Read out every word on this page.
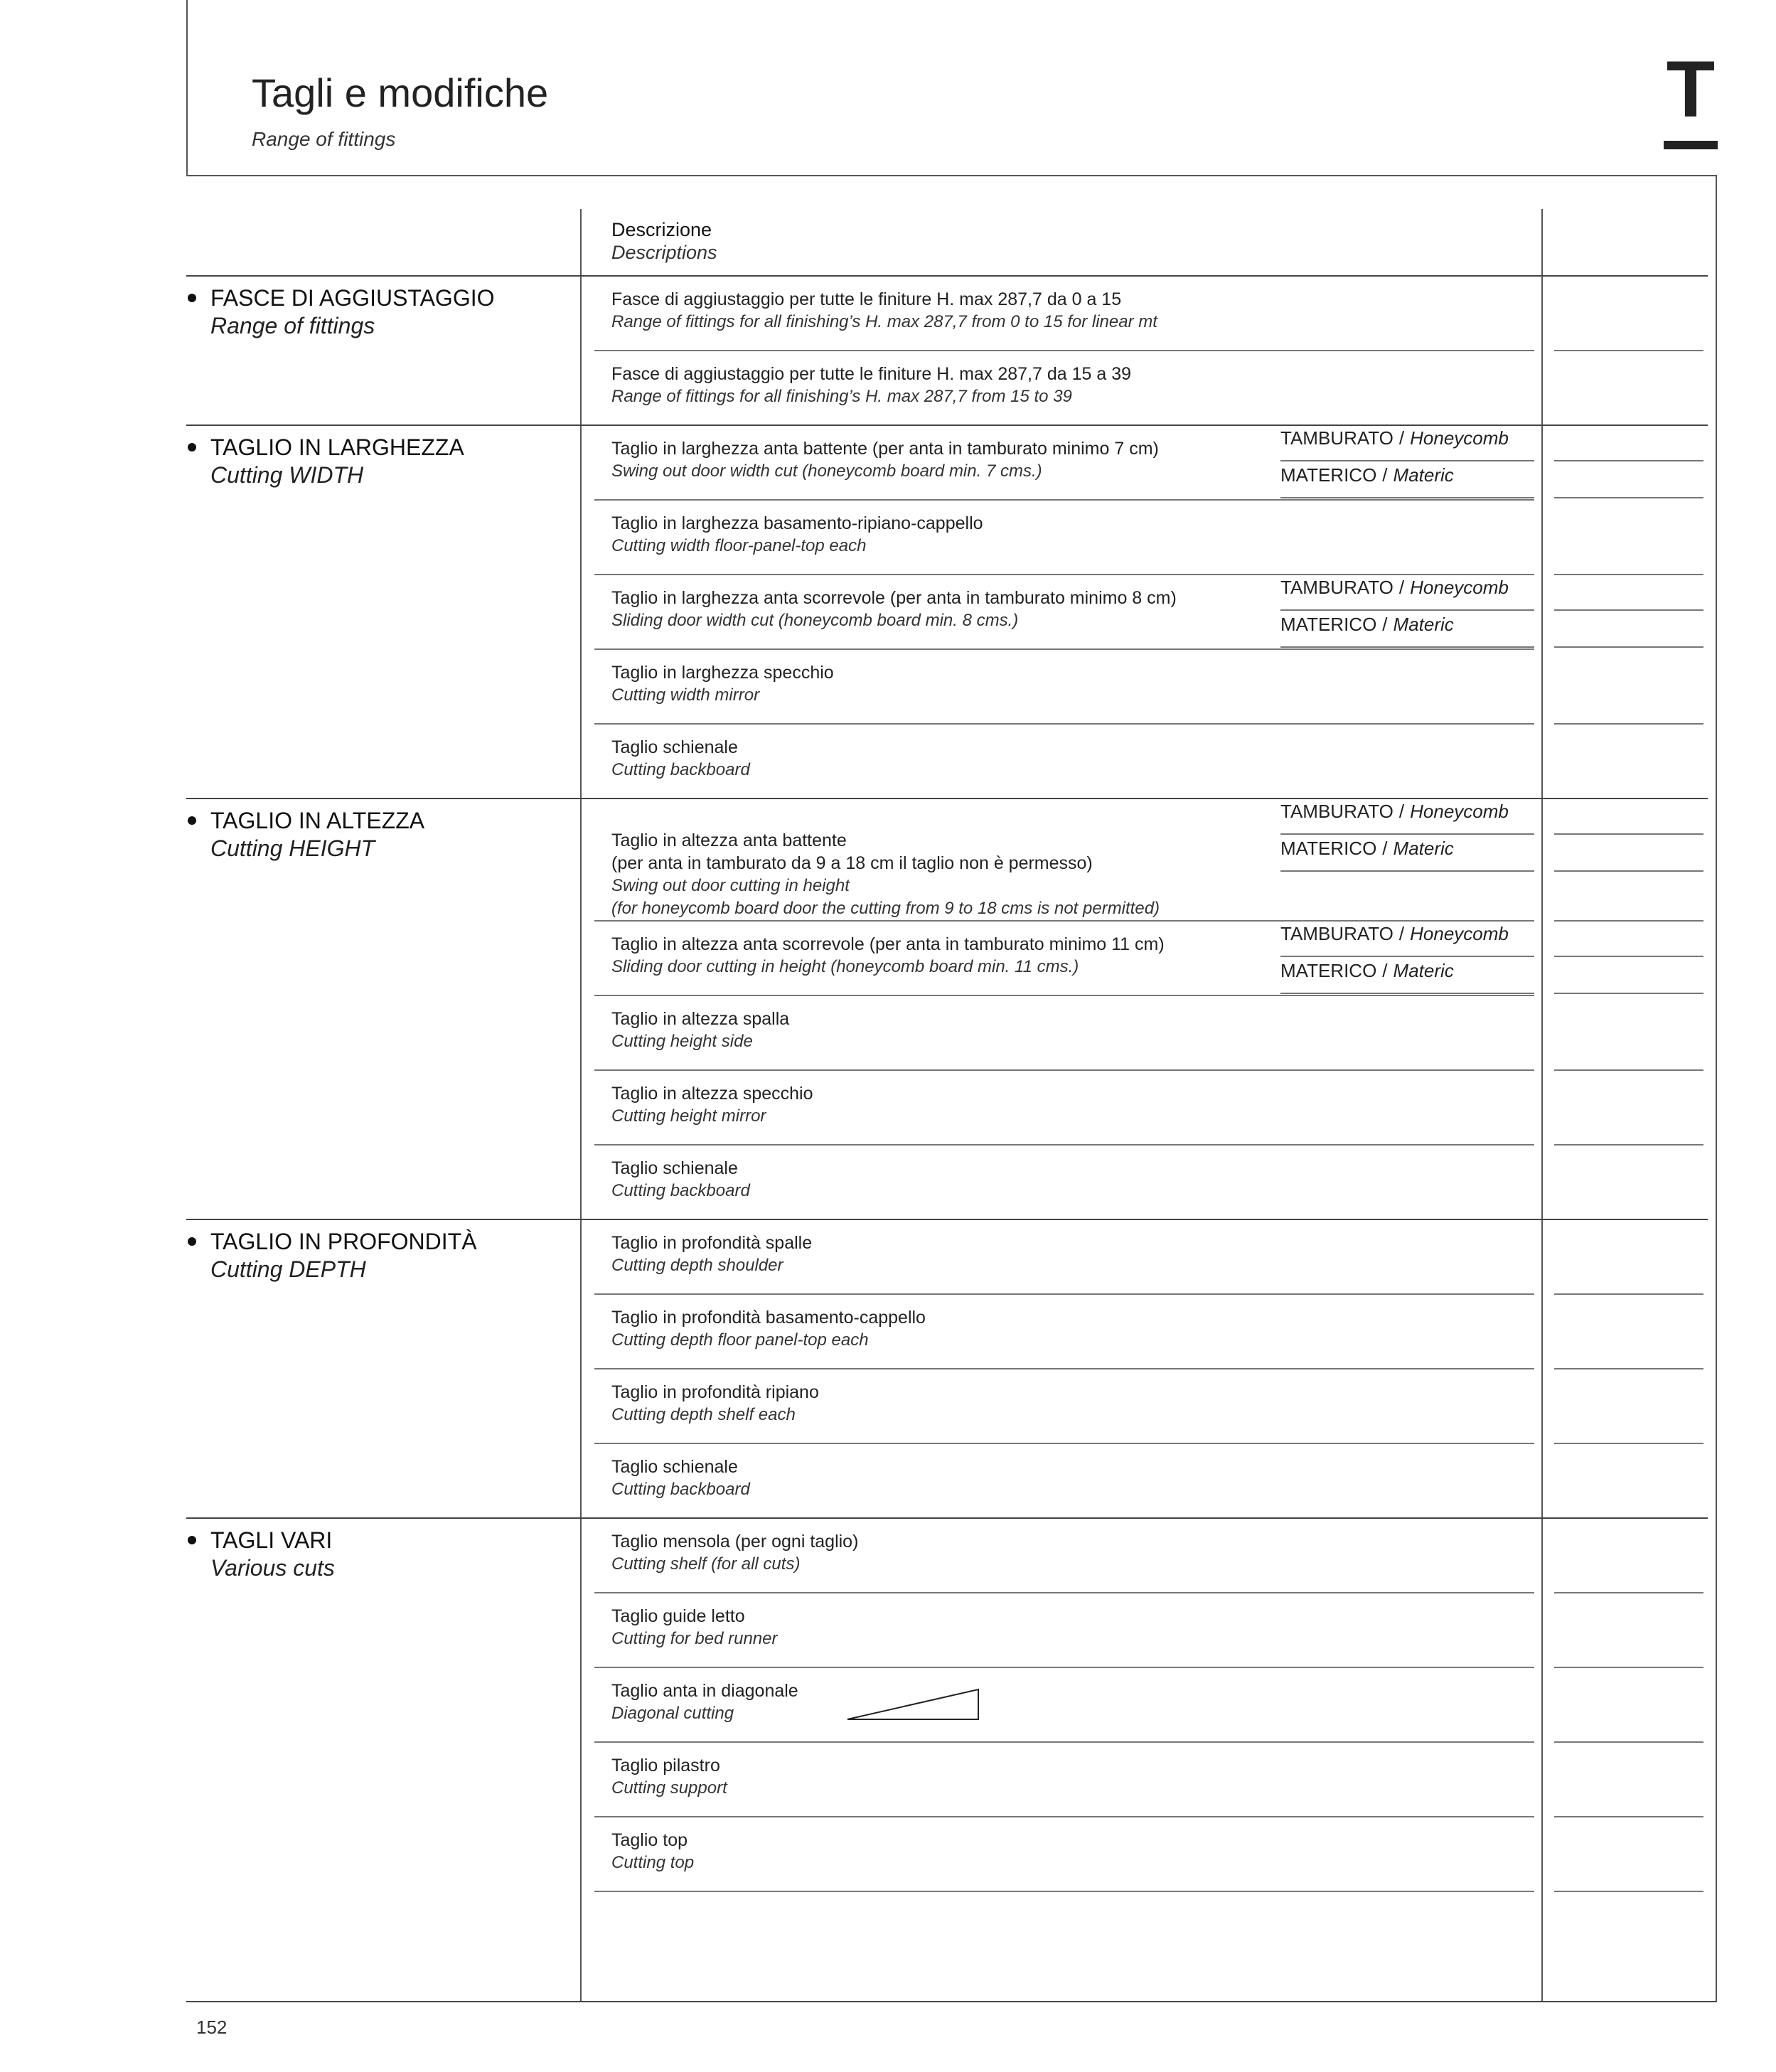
Tagli e modifiche
Range of fittings
T
Descrizione
Descriptions
FASCE DI AGGIUSTAGGIO
Range of fittings
Fasce di aggiustaggio per tutte le finiture H. max 287,7 da 0 a 15
Range of fittings for all finishing’s H. max 287,7 from 0 to 15 for linear mt
Fasce di aggiustaggio per tutte le finiture H. max 287,7 da 15 a 39
Range of fittings for all finishing’s H. max 287,7 from 15 to 39
TAGLIO IN LARGHEZZA
Cutting WIDTH
Taglio in larghezza anta battente (per anta in tamburato minimo 7 cm)
Swing out door width cut (honeycomb board min. 7 cms.)
TAMBURATO / Honeycomb
MATERICO / Materic
Taglio in larghezza basamento-ripiano-cappello
Cutting width floor-panel-top each
Taglio in larghezza anta scorrevole (per anta in tamburato minimo 8 cm)
Sliding door width cut (honeycomb board min. 8 cms.)
TAMBURATO / Honeycomb
MATERICO / Materic
Taglio in larghezza specchio
Cutting width mirror
Taglio schienale
Cutting backboard
TAGLIO IN ALTEZZA
Cutting HEIGHT	Taglio in altezza anta battente
(per anta in tamburato da 9 a 18 cm il taglio non è permesso)
Swing out door cutting in height
(for honeycomb board door the cutting from 9 to 18 cms is not permitted)
TAMBURATO / Honeycomb
MATERICO / Materic
Taglio in altezza anta scorrevole (per anta in tamburato minimo 11 cm)
Sliding door cutting in height (honeycomb board min. 11 cms.)
TAMBURATO / Honeycomb
MATERICO / Materic
Taglio in altezza spalla
Cutting height side
Taglio in altezza specchio
Cutting height mirror
Taglio schienale
Cutting backboard
TAGLIO IN PROFONDITÀ
Cutting DEPTH
Taglio in profondità spalle
Cutting depth shoulder
Taglio in profondità basamento-cappello
Cutting depth floor panel-top each
Taglio in profondità ripiano
Cutting depth shelf each
Taglio schienale
Cutting backboard
TAGLI VARI
Various cuts
Taglio mensola (per ogni taglio)
Cutting shelf (for all cuts)
Taglio guide letto
Cutting for bed runner
Taglio anta in diagonale
Diagonal cutting
Taglio pilastro
Cutting support
Taglio top
Cutting top
152
